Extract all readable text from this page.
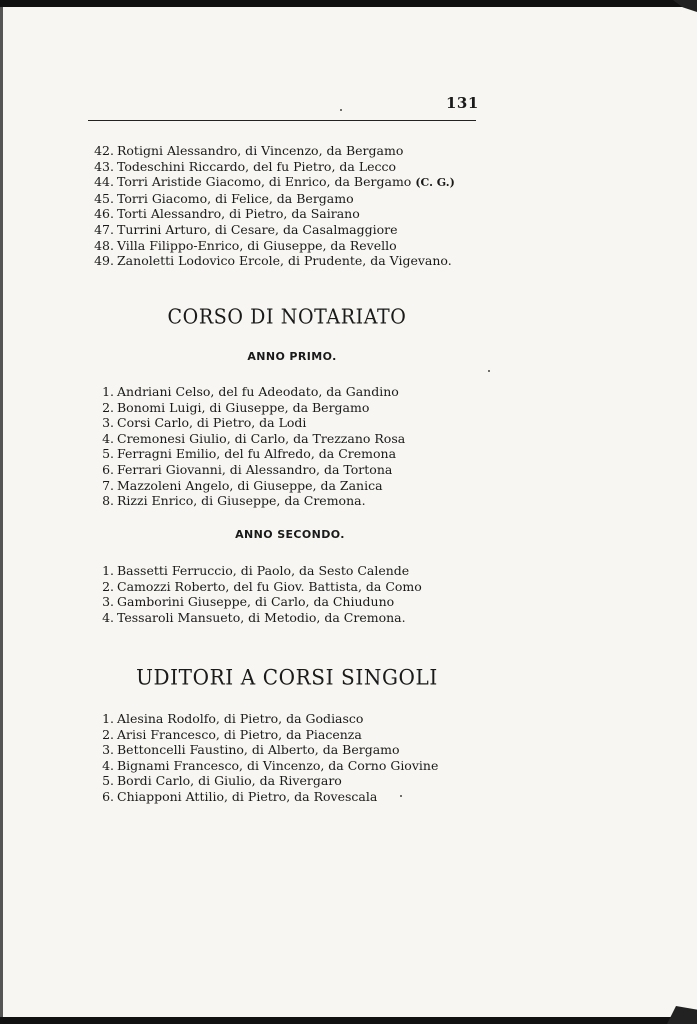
131
42. Rotigni Alessandro, di Vincenzo, da Bergamo
43. Todeschini Riccardo, del fu Pietro, da Lecco
44. Torri Aristide Giacomo, di Enrico, da Bergamo (C. G.)
45. Torri Giacomo, di Felice, da Bergamo
46. Torti Alessandro, di Pietro, da Sairano
47. Turrini Arturo, di Cesare, da Casalmaggiore
48. Villa Filippo-Enrico, di Giuseppe, da Revello
49. Zanoletti Lodovico Ercole, di Prudente, da Vigevano.
CORSO DI NOTARIATO
ANNO PRIMO.
1. Andriani Celso, del fu Adeodato, da Gandino
2. Bonomi Luigi, di Giuseppe, da Bergamo
3. Corsi Carlo, di Pietro, da Lodi
4. Cremonesi Giulio, di Carlo, da Trezzano Rosa
5. Ferragni Emilio, del fu Alfredo, da Cremona
6. Ferrari Giovanni, di Alessandro, da Tortona
7. Mazzoleni Angelo, di Giuseppe, da Zanica
8. Rizzi Enrico, di Giuseppe, da Cremona.
ANNO SECONDO.
1. Bassetti Ferruccio, di Paolo, da Sesto Calende
2. Camozzi Roberto, del fu Giov. Battista, da Como
3. Gamborini Giuseppe, di Carlo, da Chiuduno
4. Tessaroli Mansueto, di Metodio, da Cremona.
UDITORI A CORSI SINGOLI
1. Alesina Rodolfo, di Pietro, da Godiasco
2. Arisi Francesco, di Pietro, da Piacenza
3. Bettoncelli Faustino, di Alberto, da Bergamo
4. Bignami Francesco, di Vincenzo, da Corno Giovine
5. Bordi Carlo, di Giulio, da Rivergaro
6. Chiapponi Attilio, di Pietro, da Rovescala
